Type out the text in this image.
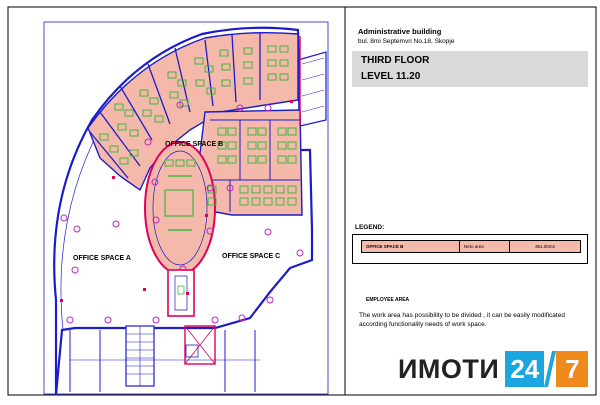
OFFICE SPACE B
OFFICE SPACE A	OFFICE SPACE C
Administrative building
bul. 8mi Septemvri No.18, Skopje
THIRD FLOOR
LEVEL 11.20
LEGEND:
OFFICE SPACE B	Neto area	351.00m2
EMPLOYEE AREA
The work area has possibility to be divided , it can be easily modificated according functionality needs of work space.
ИМОТИ 24 7
